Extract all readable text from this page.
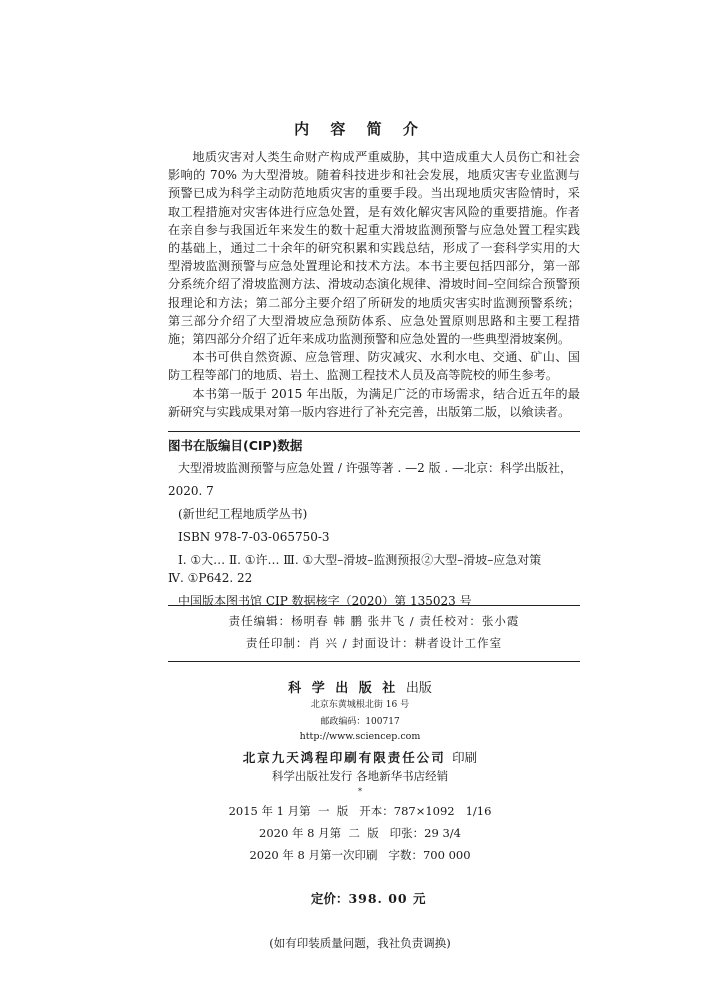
内 容 简 介

地质灾害对人类生命财产构成严重威胁，其中造成重大人员伤亡和社会影响的 70% 为大型滑坡。随着科技进步和社会发展，地质灾害专业监测与预警已成为科学主动防范地质灾害的重要手段。当出现地质灾害险情时，采取工程措施对灾害体进行应急处置，是有效化解灾害风险的重要措施。作者在亲自参与我国近年来发生的数十起重大滑坡监测预警与应急处置工程实践的基础上，通过二十余年的研究积累和实践总结，形成了一套科学实用的大型滑坡监测预警与应急处置理论和技术方法。本书主要包括四部分，第一部分系统介绍了滑坡监测方法、滑坡动态演化规律、滑坡时间–空间综合预警预报理论和方法；第二部分主要介绍了所研发的地质灾害实时监测预警系统；第三部分介绍了大型滑坡应急预防体系、应急处置原则思路和主要工程措施；第四部分介绍了近年来成功监测预警和应急处置的一些典型滑坡案例。

本书可供自然资源、应急管理、防灾减灾、水利水电、交通、矿山、国防工程等部门的地质、岩土、监测工程技术人员及高等院校的师生参考。

本书第一版于 2015 年出版，为满足广泛的市场需求，结合近五年的最新研究与实践成果对第一版内容进行了补充完善，出版第二版，以飨读者。

图书在版编目(CIP)数据
大型滑坡监测预警与应急处置 / 许强等著 . —2 版 . —北京：科学出版社，
2020. 7
(新世纪工程地质学丛书)
ISBN 978-7-03-065750-3
Ⅰ. ①大… Ⅱ. ①许… Ⅲ. ①大型–滑坡–监测预报②大型–滑坡–应急对策
Ⅳ. ①P642. 22
中国版本图书馆 CIP 数据核字（2020）第 135023 号
责任编辑：杨明春 韩 鹏 张井飞 / 责任校对：张小霞
责任印制：肖 兴 / 封面设计：耕者设计工作室
科 学 出 版 社 出版
北京东黄城根北街 16 号
邮政编码：100717
http://www.sciencep.com
北京九天鸿程印刷有限责任公司 印刷
科学出版社发行 各地新华书店经销
*
2015 年 1 月第  一  版   开本：787×1092   1/16
2020 年 8 月第  二  版   印张：29 3/4
2020 年 8 月第一次印刷   字数：700 000

定价：398. 00 元

(如有印装质量问题，我社负责调换)
